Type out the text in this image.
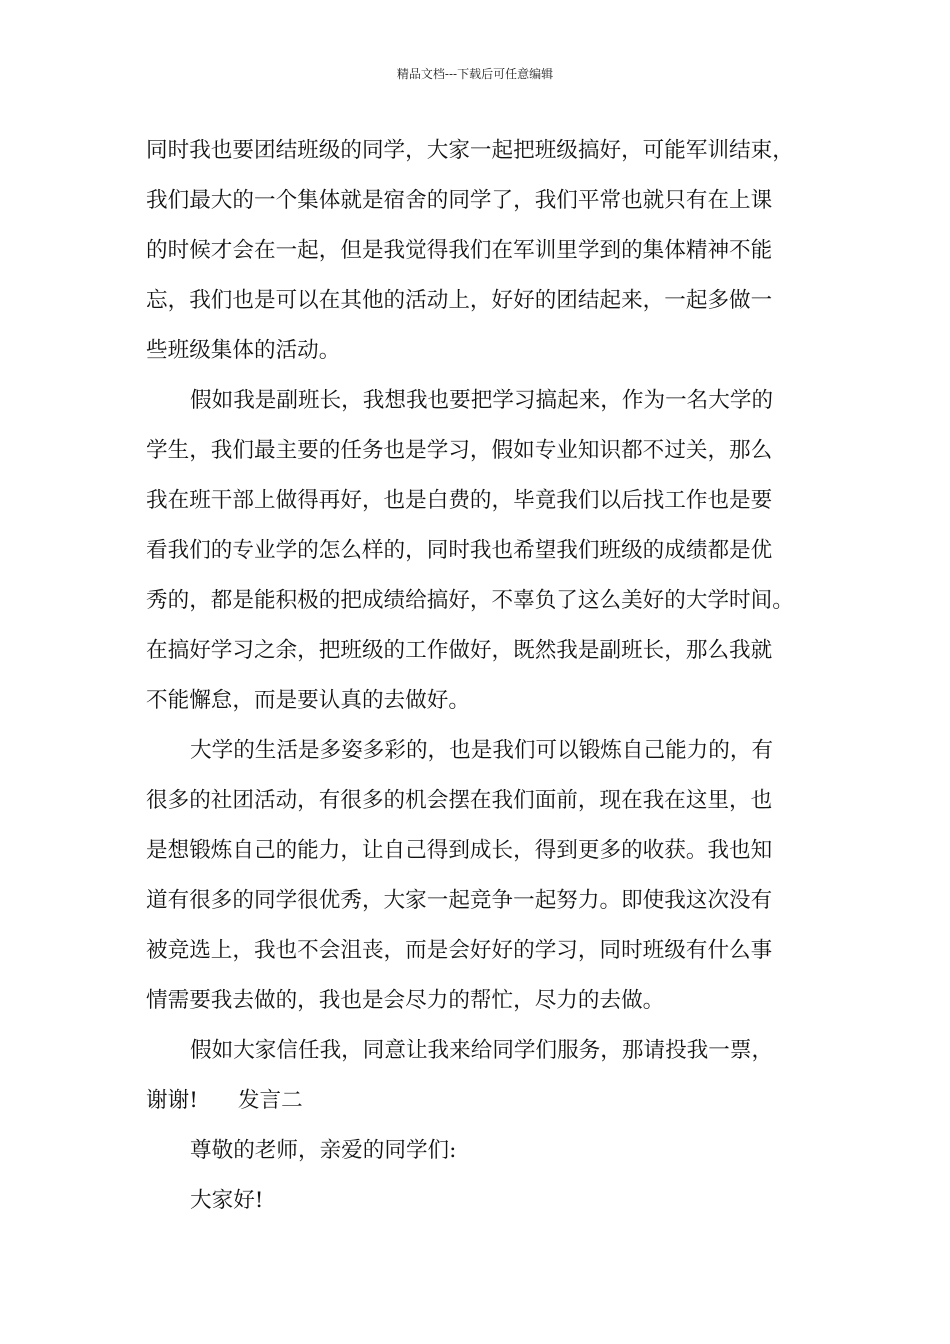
精品文档---下载后可任意编辑
同时我也要团结班级的同学，大家一起把班级搞好，可能军训结束，
我们最大的一个集体就是宿舍的同学了，我们平常也就只有在上课
的时候才会在一起，但是我觉得我们在军训里学到的集体精神不能
忘，我们也是可以在其他的活动上，好好的团结起来，一起多做一
些班级集体的活动。
假如我是副班长，我想我也要把学习搞起来，作为一名大学的
学生，我们最主要的任务也是学习，假如专业知识都不过关，那么
我在班干部上做得再好，也是白费的，毕竟我们以后找工作也是要
看我们的专业学的怎么样的，同时我也希望我们班级的成绩都是优
秀的，都是能积极的把成绩给搞好，不辜负了这么美好的大学时间。
在搞好学习之余，把班级的工作做好，既然我是副班长，那么我就
不能懈怠，而是要认真的去做好。
大学的生活是多姿多彩的，也是我们可以锻炼自己能力的，有
很多的社团活动，有很多的机会摆在我们面前，现在我在这里，也
是想锻炼自己的能力，让自己得到成长，得到更多的收获。我也知
道有很多的同学很优秀，大家一起竞争一起努力。即使我这次没有
被竞选上，我也不会沮丧，而是会好好的学习，同时班级有什么事
情需要我去做的，我也是会尽力的帮忙，尽力的去做。
假如大家信任我，同意让我来给同学们服务，那请投我一票，
谢谢! 发言二
尊敬的老师，亲爱的同学们:
大家好!
